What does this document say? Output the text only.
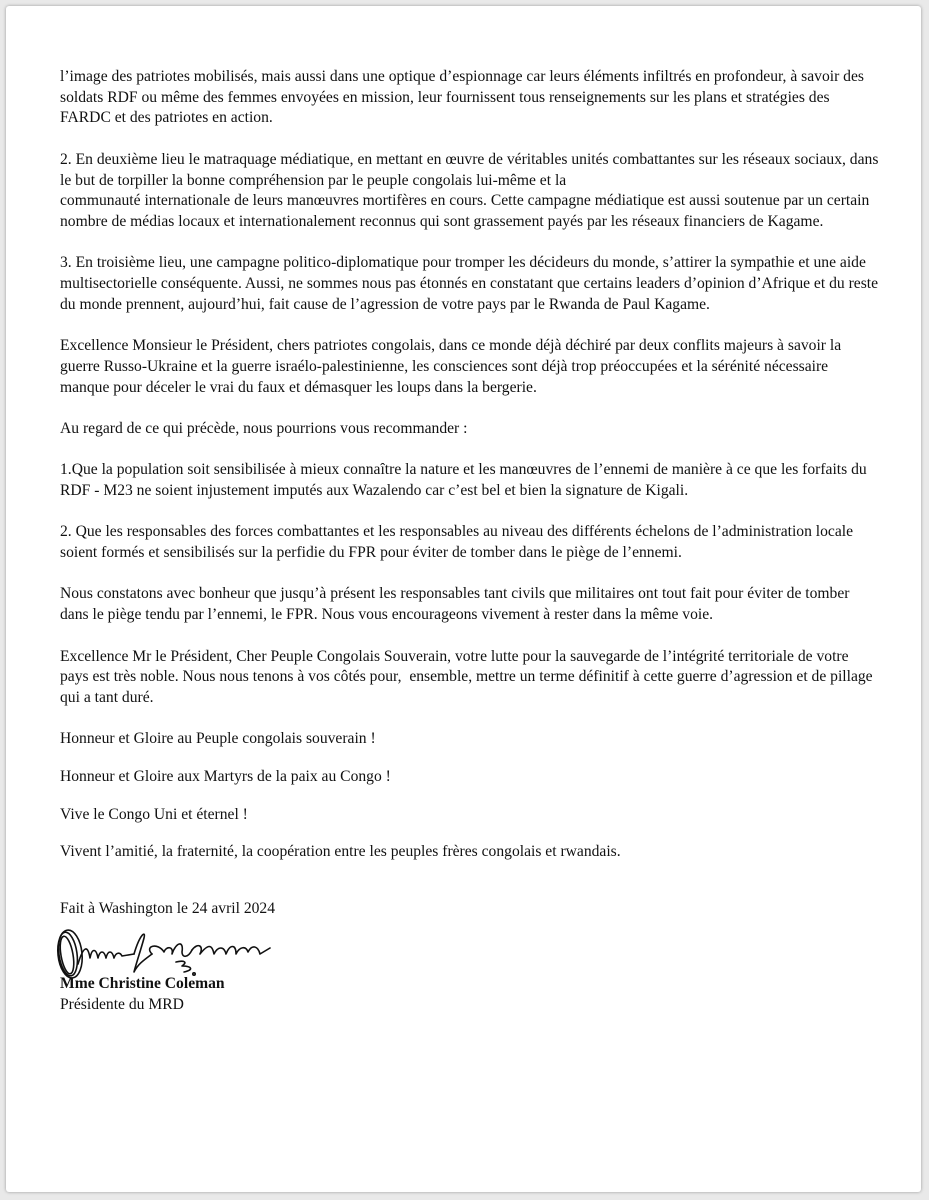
l’image des patriotes mobilisés, mais aussi dans une optique d’espionnage car leurs éléments infiltrés en profondeur, à savoir des soldats RDF ou même des femmes envoyées en mission, leur fournissent tous renseignements sur les plans et stratégies des FARDC et des patriotes en action.

2. En deuxième lieu le matraquage médiatique, en mettant en œuvre de véritables unités combattantes sur les réseaux sociaux, dans le but de torpiller la bonne compréhension par le peuple congolais lui-même et la
communauté internationale de leurs manœuvres mortifères en cours. Cette campagne médiatique est aussi soutenue par un certain nombre de médias locaux et internationalement reconnus qui sont grassement payés par les réseaux financiers de Kagame.

3. En troisième lieu, une campagne politico-diplomatique pour tromper les décideurs du monde, s’attirer la sympathie et une aide multisectorielle conséquente. Aussi, ne sommes nous pas étonnés en constatant que certains leaders d’opinion d’Afrique et du reste du monde prennent, aujourd’hui, fait cause de l’agression de votre pays par le Rwanda de Paul Kagame.

Excellence Monsieur le Président, chers patriotes congolais, dans ce monde déjà déchiré par deux conflits majeurs à savoir la guerre Russo-Ukraine et la guerre israélo-palestinienne, les consciences sont déjà trop préoccupées et la sérénité nécessaire manque pour déceler le vrai du faux et démasquer les loups dans la bergerie.

Au regard de ce qui précède, nous pourrions vous recommander :

1.Que la population soit sensibilisée à mieux connaître la nature et les manœuvres de l’ennemi de manière à ce que les forfaits du RDF - M23 ne soient injustement imputés aux Wazalendo car c’est bel et bien la signature de Kigali.

2. Que les responsables des forces combattantes et les responsables au niveau des différents échelons de l’administration locale soient formés et sensibilisés sur la perfidie du FPR pour éviter de tomber dans le piège de l’ennemi.

Nous constatons avec bonheur que jusqu’à présent les responsables tant civils que militaires ont tout fait pour éviter de tomber dans le piège tendu par l’ennemi, le FPR. Nous vous encourageons vivement à rester dans la même voie.

Excellence Mr le Président, Cher Peuple Congolais Souverain, votre lutte pour la sauvegarde de l’intégrité territoriale de votre pays est très noble. Nous nous tenons à vos côtés pour,  ensemble, mettre un terme définitif à cette guerre d’agression et de pillage qui a tant duré.

Honneur et Gloire au Peuple congolais souverain !

Honneur et Gloire aux Martyrs de la paix au Congo !

Vive le Congo Uni et éternel !

Vivent l’amitié, la fraternité, la coopération entre les peuples frères congolais et rwandais.

Fait à Washington le 24 avril 2024

Mme Christine Coleman

Présidente du MRD
